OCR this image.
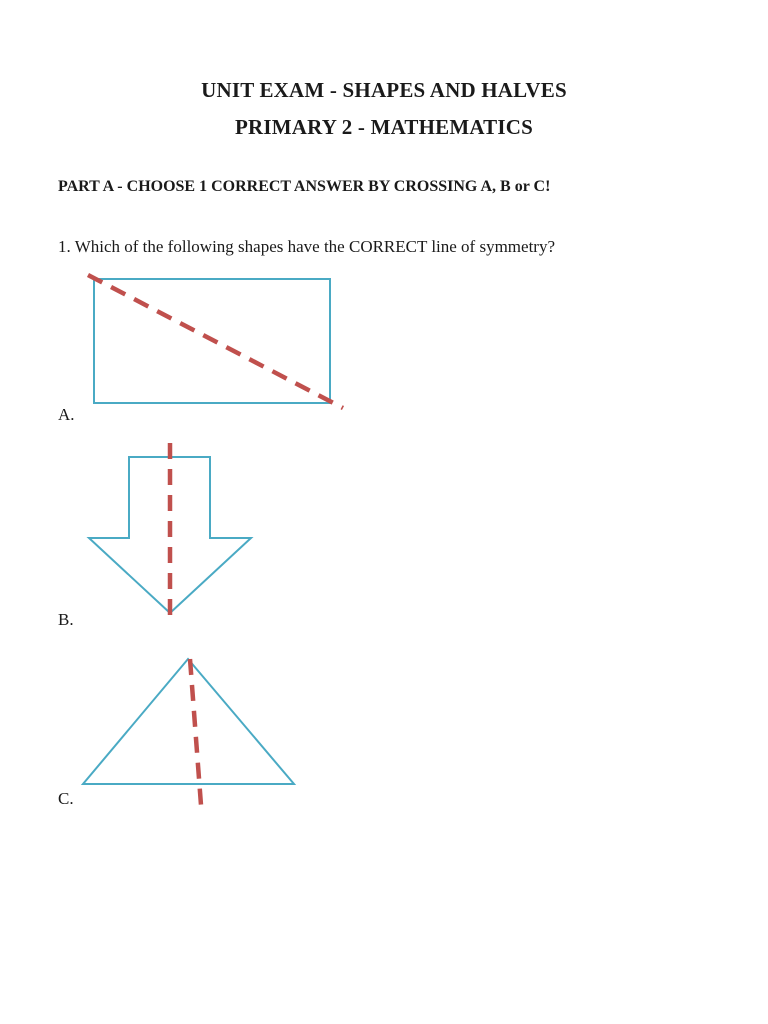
UNIT EXAM - SHAPES AND HALVES
PRIMARY 2 - MATHEMATICS
PART A - CHOOSE 1 CORRECT ANSWER BY CROSSING A, B or C!
1. Which of the following shapes have the CORRECT line of symmetry?
A.
B.
C.
